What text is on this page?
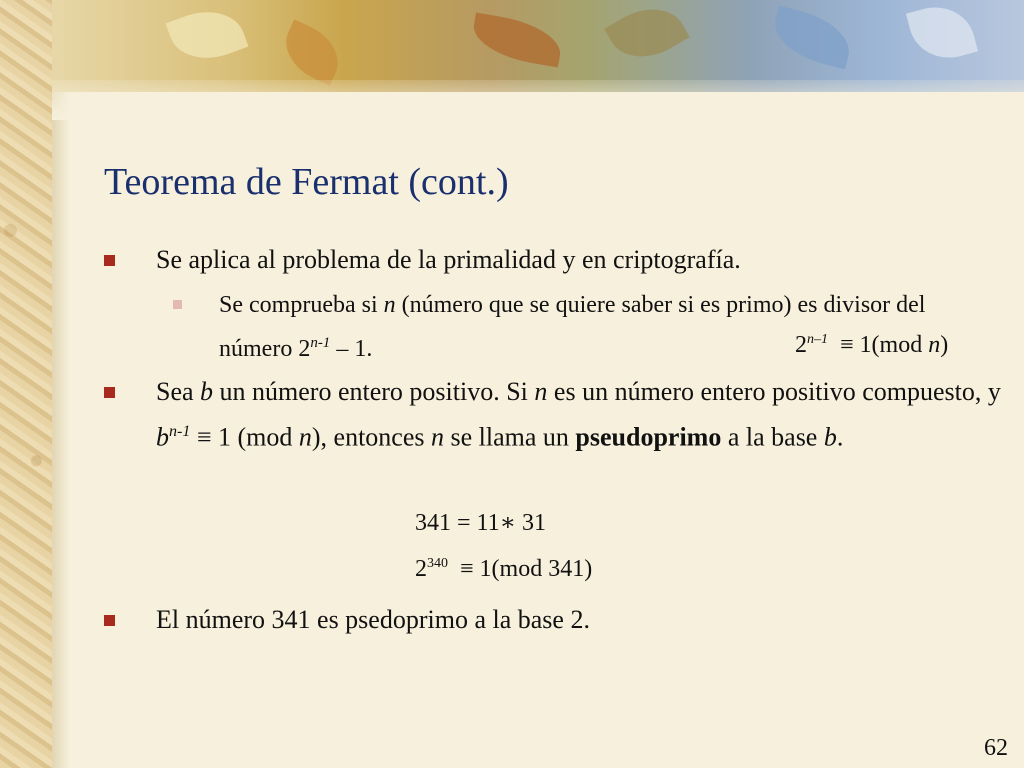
Teorema de Fermat (cont.)
Se aplica al problema de la primalidad y en criptografía.
Se comprueba si n (número que se quiere saber si es primo) es divisor del número 2$^{n-1}$ – 1.	2$^{n-1}$  ≡ 1(mod n)
Sea b un número entero positivo. Si n es un número entero positivo compuesto, y $b^{n-1} \equiv 1$ (mod n), entonces n se llama un pseudoprimo a la base b.
341 = 11∗ 31
$2^{340} \equiv 1(mod$ 341)
El número 341 es psedoprimo a la base 2.
62
